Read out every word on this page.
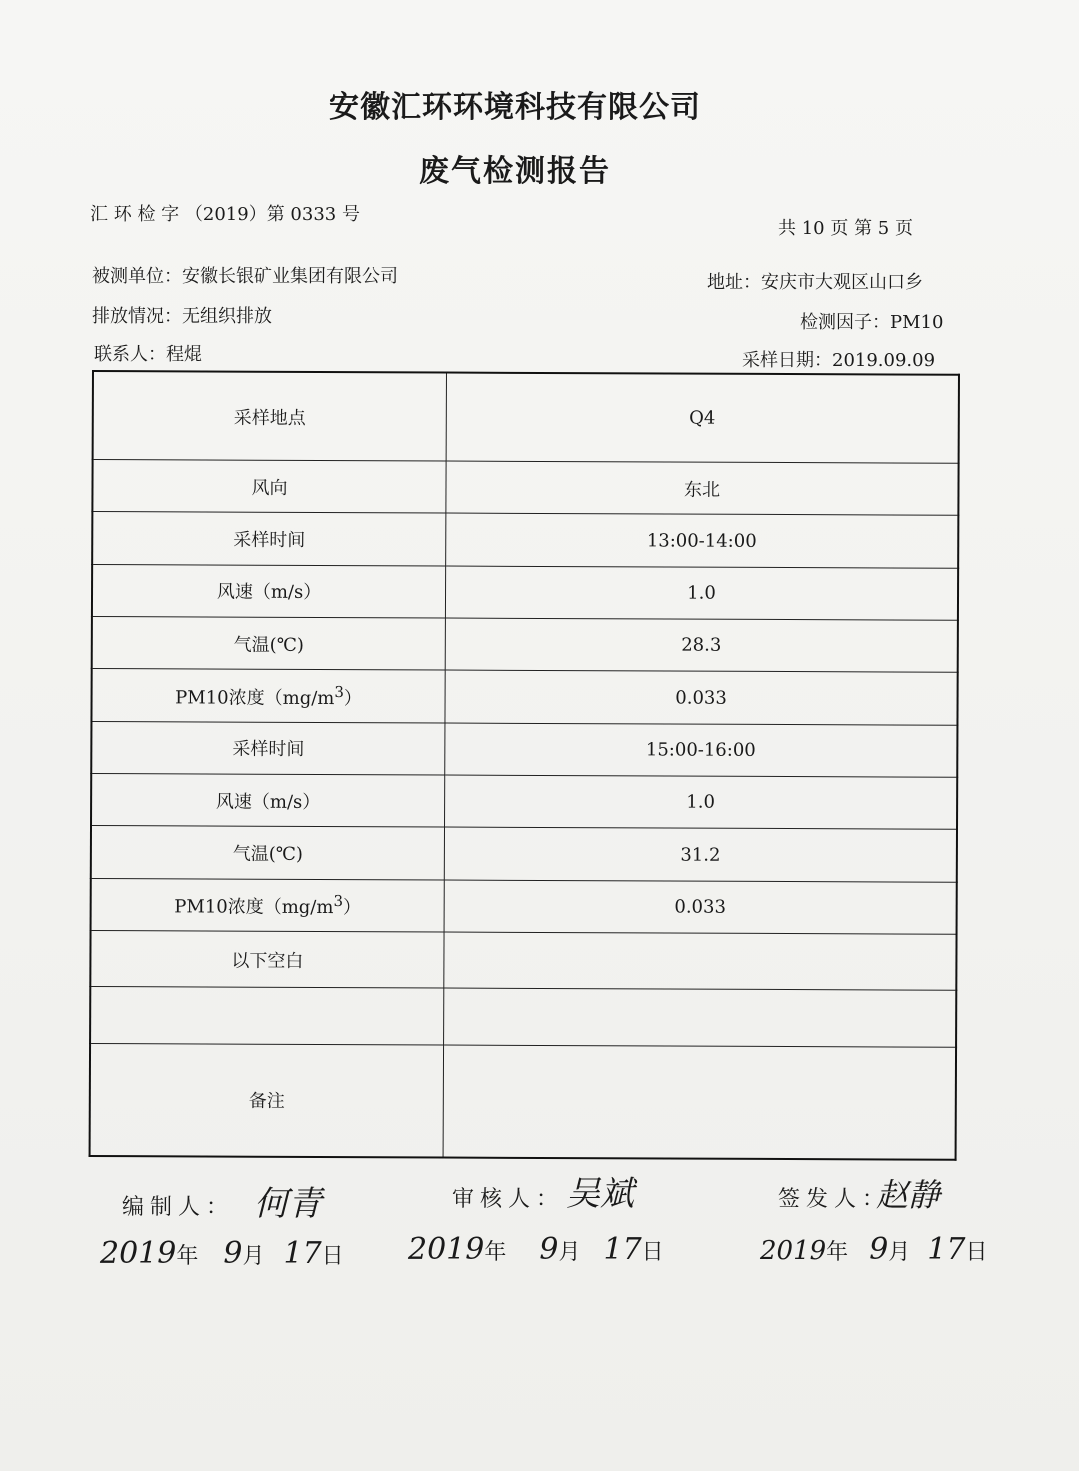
安徽汇环环境科技有限公司
废气检测报告
汇 环 检 字 （2019）第 0333 号
共 10 页 第 5 页
被测单位：安徽长银矿业集团有限公司	地址：安庆市大观区山口乡
排放情况：无组织排放	检测因子：PM10
联系人：程焜	采样日期：2019.09.09
采样地点	Q4
风向	东北
采样时间	13:00-14:00
风速（m/s）	1.0
气温(℃)	28.3
PM10浓度$(mg/m^3)$	0.033
采样时间	15:00-16:00
风速（m/s）	1.0
气温(℃)	31.2
PM10浓度$(mg/m^3)$	0.033
以下空白	

备注	
编制人： 何青	审核人： 吴斌	签发人：
赵静
2019年 9月 17日 2019年 9月 17日	2019年 9月 17日
